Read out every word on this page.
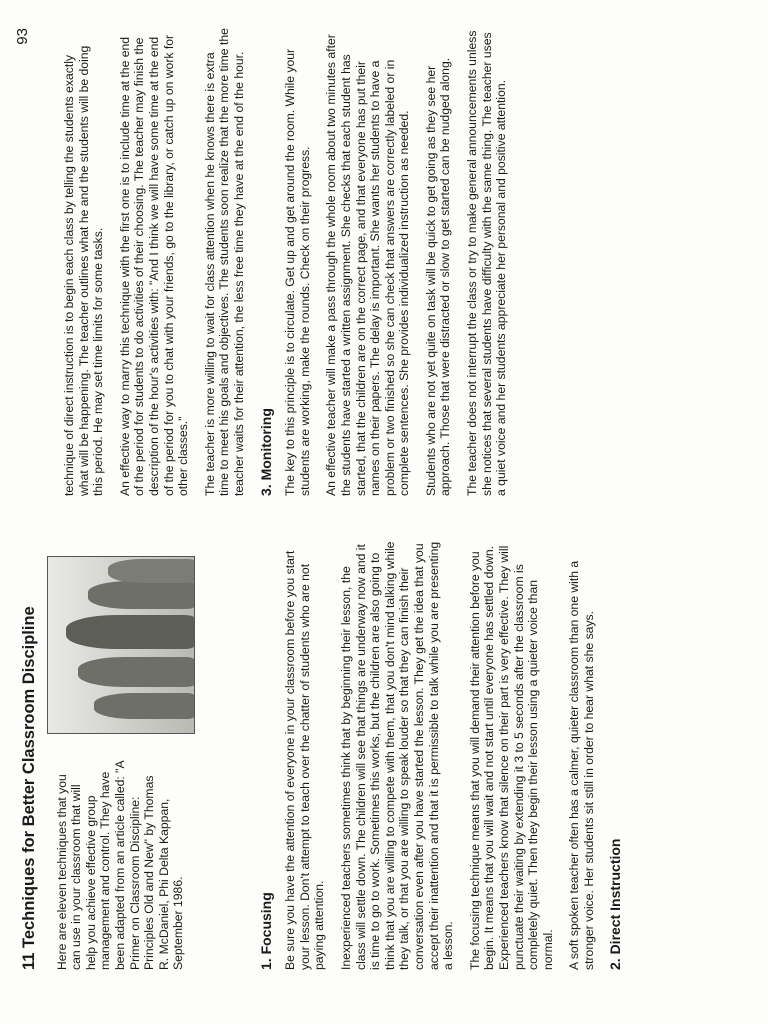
93
11 Techniques for Better Classroom Discipline Here are eleven techniques that you can use in your classroom that will help you achieve effective group management and control. They have been adapted from an article called: "A Primer on Classroom Discipline: Principles Old and New" by Thomas R. McDaniel, Phi Delta Kappan, September 1986.	1. Focusing Be sure you have the attention of everyone in your classroom before you start your lesson. Don't attempt to teach over the chatter of students who are not paying attention. Inexperienced teachers sometimes think that by beginning their lesson, the class will settle down. The children will see that things are underway now and it is time to go to work. Sometimes this works, but the children are also going to think that you are willing to compete with them, that you don't mind talking while they talk, or that you are willing to speak louder so that they can finish their conversation even after you have started the lesson. They get the idea that you accept their inattention and that it is permissible to talk while you are presenting a lesson. The focusing technique means that you will demand their attention before you begin. It means that you will wait and not start until everyone has settled down. Experienced teachers know that silence on their part is very effective. They will punctuate their waiting by extending it 3 to 5 seconds after the classroom is completely quiet. Then they begin their lesson using a quieter voice than normal. A soft spoken teacher often has a calmer, quieter classroom than one with a stronger voice. Her students sit still in order to hear what she says. 2. Direct Instruction

technique of direct instruction is to begin each class by telling the students exactly what will be happening. The teacher outlines what he and the students will be doing this period. He may set time limits for some tasks. An effective way to marry this technique with the first one is to include time at the end of the period for students to do activities of their choosing. The teacher may finish the description of the hour's activities with: "And I think we will have some time at the end of the period for you to chat with your friends, go to the library, or catch up on work for other classes." The teacher is more willing to wait for class attention when he knows there is extra time to meet his goals and objectives. The students soon realize that the more time the teacher waits for their attention, the less free time they have at the end of the hour. 3. Monitoring The key to this principle is to circulate. Get up and get around the room. While your students are working, make the rounds. Check on their progress. An effective teacher will make a pass through the whole room about two minutes after the students have started a written assignment. She checks that each student has started, that the children are on the correct page, and that everyone has put their names on their papers. The delay is important. She wants her students to have a problem or two finished so she can check that answers are correctly labeled or in complete sentences. She provides individualized instruction as needed. Students who are not yet quite on task will be quick to get going as they see her approach. Those that were distracted or slow to get started can be nudged along. The teacher does not interrupt the class or try to make general announcements unless she notices that several students have difficulty with the same thing. The teacher uses a quiet voice and her students appreciate her personal and positive attention.
